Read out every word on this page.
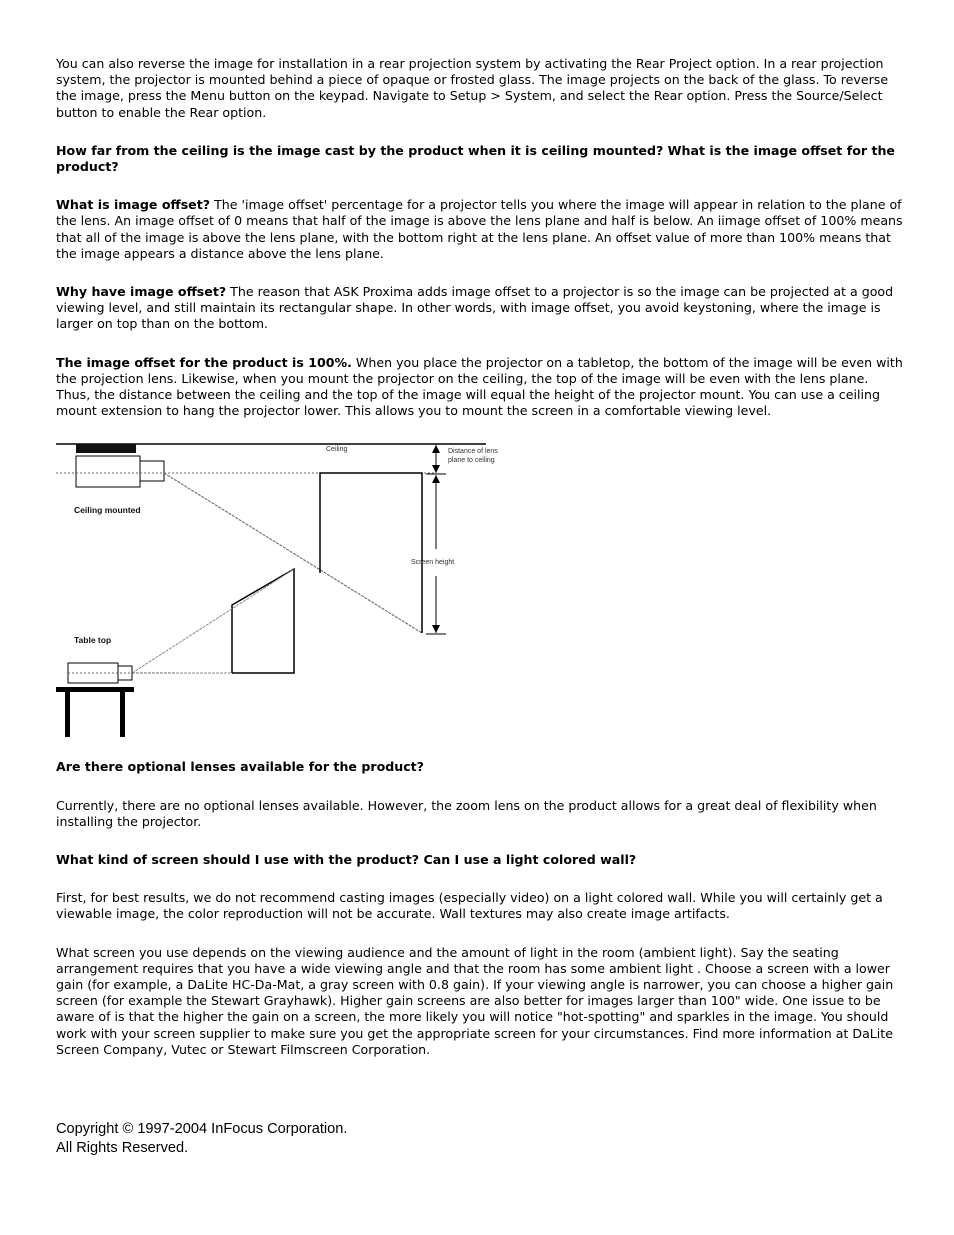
You can also reverse the image for installation in a rear projection system by activating the Rear Project option. In a rear projection system, the projector is mounted behind a piece of opaque or frosted glass. The image projects on the back of the glass. To reverse the image, press the Menu button on the keypad. Navigate to Setup > System, and select the Rear option. Press the Source/Select button to enable the Rear option.

How far from the ceiling is the image cast by the product when it is ceiling mounted? What is the image offset for the product?

What is image offset? The 'image offset' percentage for a projector tells you where the image will appear in relation to the plane of the lens. An image offset of 0 means that half of the image is above the lens plane and half is below. An iimage offset of 100% means that all of the image is above the lens plane, with the bottom right at the lens plane. An offset value of more than 100% means that the image appears a distance above the lens plane.

Why have image offset? The reason that ASK Proxima adds image offset to a projector is so the image can be projected at a good viewing level, and still maintain its rectangular shape. In other words, with image offset, you avoid keystoning, where the image is larger on top than on the bottom.

The image offset for the product is 100%. When you place the projector on a tabletop, the bottom of the image will be even with the projection lens. Likewise, when you mount the projector on the ceiling, the top of the image will be even with the lens plane. Thus, the distance between the ceiling and the top of the image will equal the height of the projector mount. You can use a ceiling mount extension to hang the projector lower. This allows you to mount the screen in a comfortable viewing level.

Ceiling
Ceiling mounted
Distance of lens
plane to ceiling
Screen height
Table top

Are there optional lenses available for the product?

Currently, there are no optional lenses available. However, the zoom lens on the product allows for a great deal of flexibility when installing the projector.

What kind of screen should I use with the product? Can I use a light colored wall?

First, for best results, we do not recommend casting images (especially video) on a light colored wall. While you will certainly get a viewable image, the color reproduction will not be accurate. Wall textures may also create image artifacts.

What screen you use depends on the viewing audience and the amount of light in the room (ambient light). Say the seating arrangement requires that you have a wide viewing angle and that the room has some ambient light . Choose a screen with a lower gain (for example, a DaLite HC-Da-Mat, a gray screen with 0.8 gain). If your viewing angle is narrower, you can choose a higher gain screen (for example the Stewart Grayhawk). Higher gain screens are also better for images larger than 100" wide. One issue to be aware of is that the higher the gain on a screen, the more likely you will notice "hot-spotting" and sparkles in the image. You should work with your screen supplier to make sure you get the appropriate screen for your circumstances. Find more information at DaLite Screen Company, Vutec or Stewart Filmscreen Corporation.

Copyright © 1997-2004 InFocus Corporation.
All Rights Reserved.
